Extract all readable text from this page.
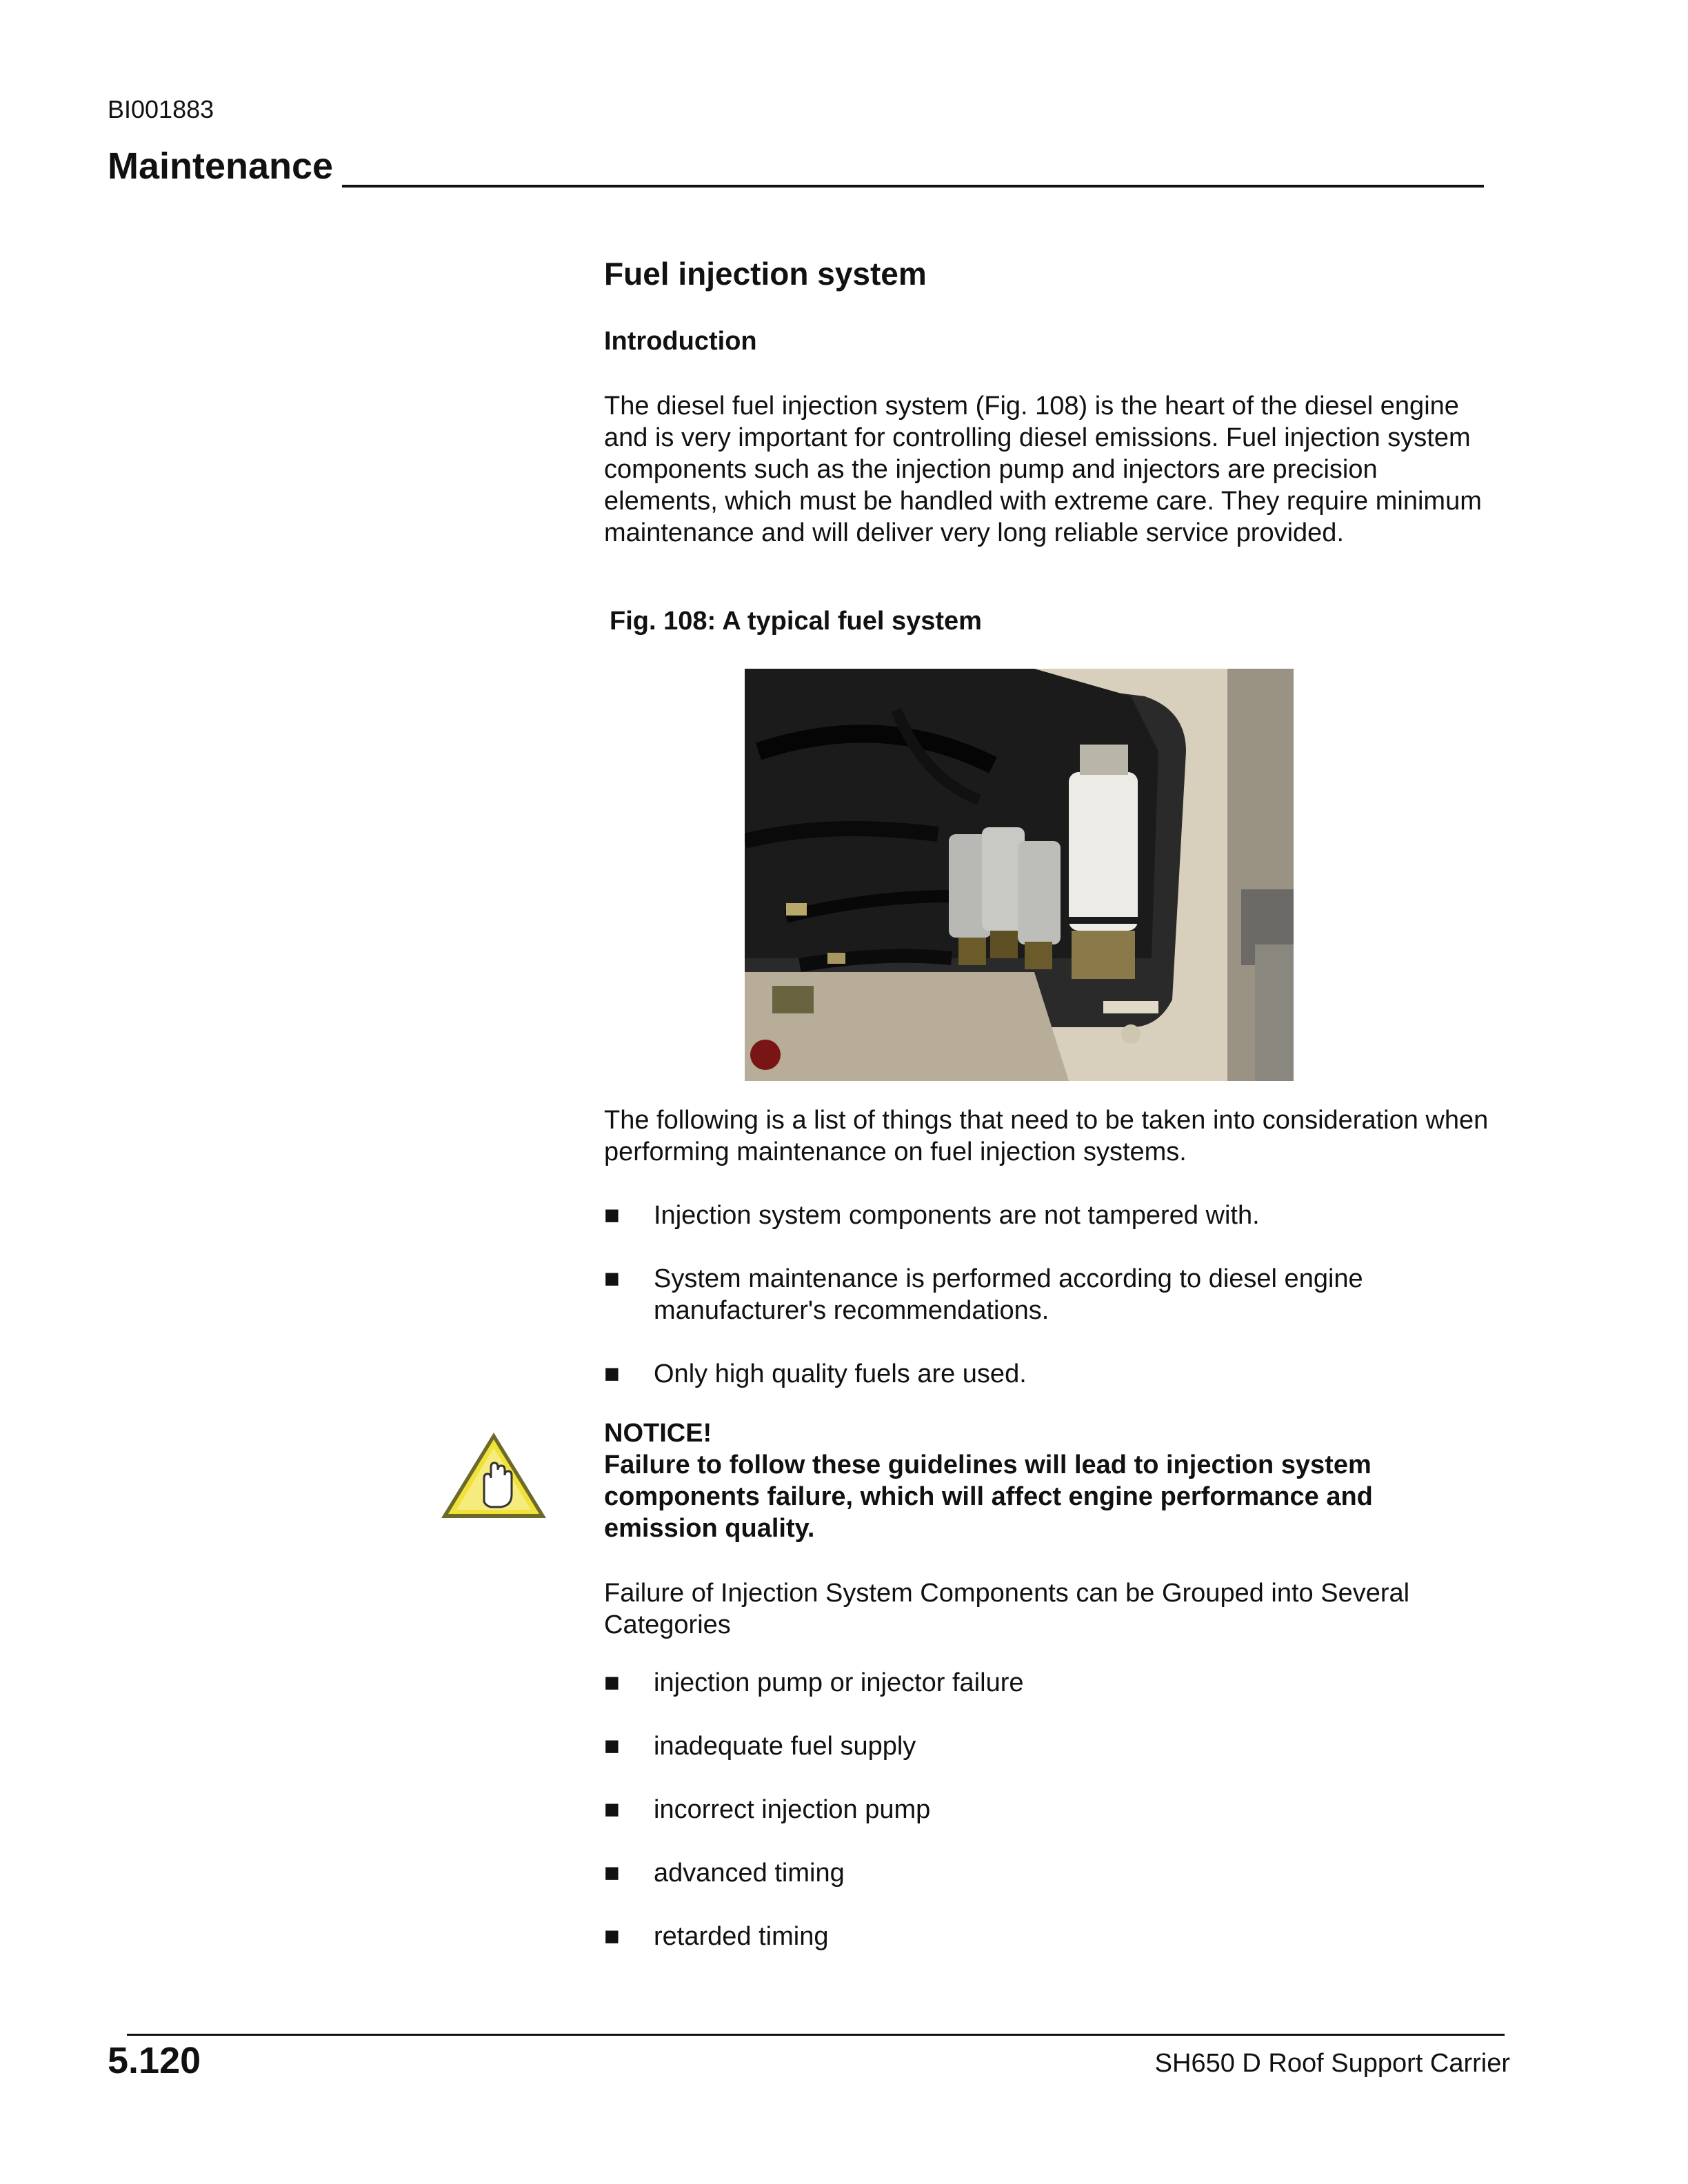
BI001883
Maintenance
Fuel injection system
Introduction
The diesel fuel injection system (Fig. 108) is the heart of the diesel engine and is very important for controlling diesel emissions. Fuel injection system components such as the injection pump and injectors are precision elements, which must be handled with extreme care. They require minimum maintenance and will deliver very long reliable service provided.
Fig. 108: A typical fuel system
The following is a list of things that need to be taken into consideration when performing maintenance on fuel injection systems.
■ Injection system components are not tampered with.
■ System maintenance is performed according to diesel engine manufacturer's recommendations.
■ Only high quality fuels are used.
NOTICE!
Failure to follow these guidelines will lead to injection system components failure, which will affect engine performance and emission quality.
Failure of Injection System Components can be Grouped into Several Categories
■ injection pump or injector failure
■ inadequate fuel supply
■ incorrect injection pump
■ advanced timing
■ retarded timing
5.120	SH650 D Roof Support Carrier
